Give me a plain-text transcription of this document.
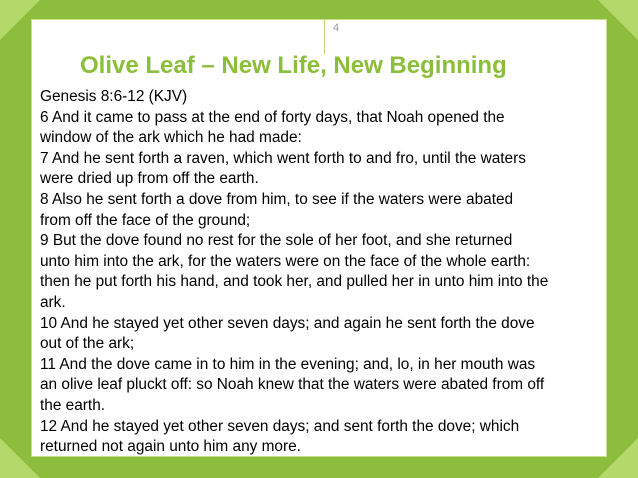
4
Olive Leaf – New Life, New Beginning
Genesis 8:6-12 (KJV)
6 And it came to pass at the end of forty days, that Noah opened the
window of the ark which he had made:
7 And he sent forth a raven, which went forth to and fro, until the waters
were dried up from off the earth.
8 Also he sent forth a dove from him, to see if the waters were abated
from off the face of the ground;
9 But the dove found no rest for the sole of her foot, and she returned
unto him into the ark, for the waters were on the face of the whole earth:
then he put forth his hand, and took her, and pulled her in unto him into the
ark.
10 And he stayed yet other seven days; and again he sent forth the dove
out of the ark;
11 And the dove came in to him in the evening; and, lo, in her mouth was
an olive leaf pluckt off: so Noah knew that the waters were abated from off
the earth.
12 And he stayed yet other seven days; and sent forth the dove; which
returned not again unto him any more.
